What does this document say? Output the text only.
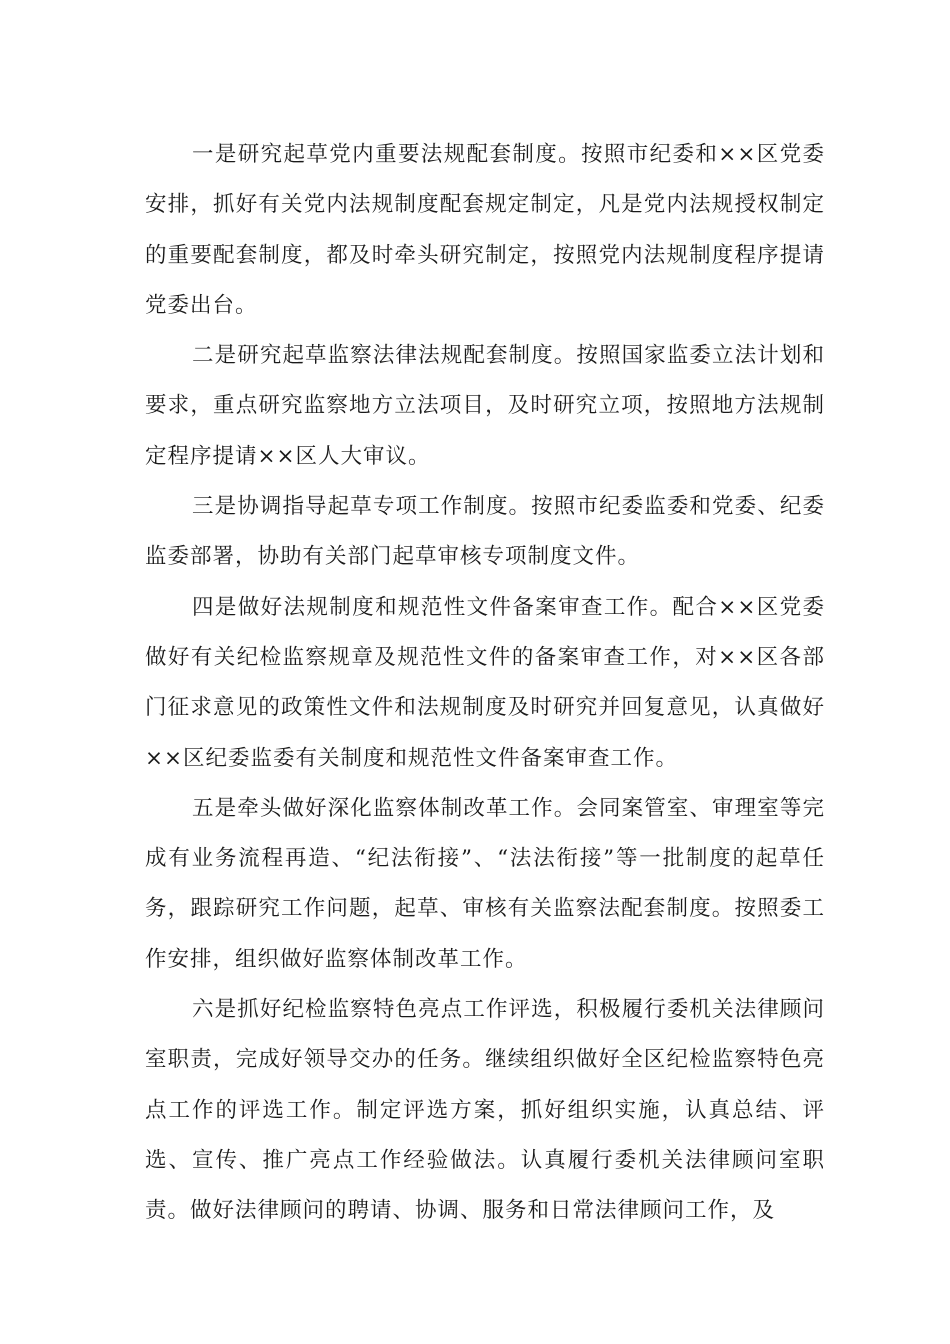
一是研究起草党内重要法规配套制度。按照市纪委和××区党委安排，抓好有关党内法规制度配套规定制定，凡是党内法规授权制定的重要配套制度，都及时牵头研究制定，按照党内法规制度程序提请党委出台。

二是研究起草监察法律法规配套制度。按照国家监委立法计划和要求，重点研究监察地方立法项目，及时研究立项，按照地方法规制定程序提请××区人大审议。

三是协调指导起草专项工作制度。按照市纪委监委和党委、纪委监委部署，协助有关部门起草审核专项制度文件。

四是做好法规制度和规范性文件备案审查工作。配合××区党委做好有关纪检监察规章及规范性文件的备案审查工作，对××区各部门征求意见的政策性文件和法规制度及时研究并回复意见，认真做好××区纪委监委有关制度和规范性文件备案审查工作。

五是牵头做好深化监察体制改革工作。会同案管室、审理室等完成有业务流程再造、“纪法衔接”、“法法衔接”等一批制度的起草任务，跟踪研究工作问题，起草、审核有关监察法配套制度。按照委工作安排，组织做好监察体制改革工作。

六是抓好纪检监察特色亮点工作评选，积极履行委机关法律顾问室职责，完成好领导交办的任务。继续组织做好全区纪检监察特色亮点工作的评选工作。制定评选方案，抓好组织实施，认真总结、评选、宣传、推广亮点工作经验做法。认真履行委机关法律顾问室职责。做好法律顾问的聘请、协调、服务和日常法律顾问工作，及
